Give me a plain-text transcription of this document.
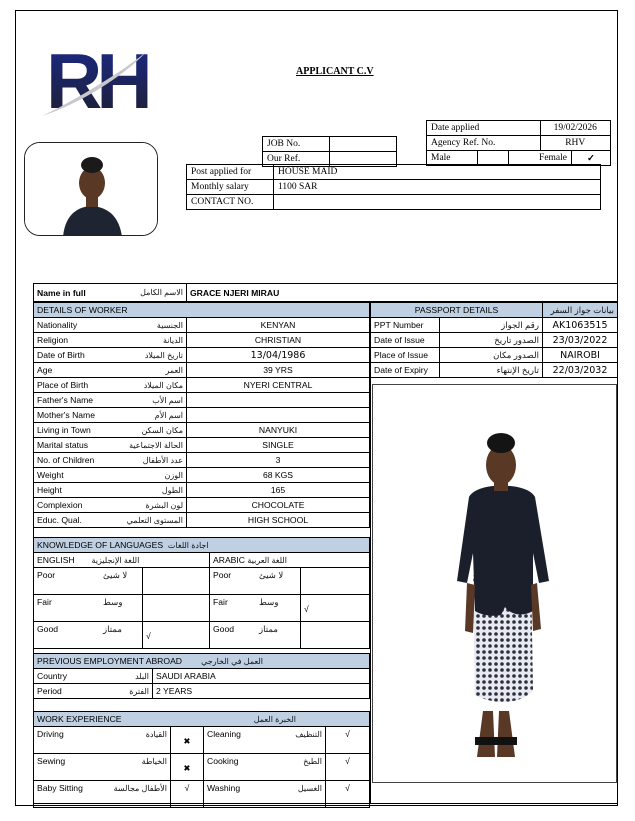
RH	APPLICANT C.V
JOB No.	
Our Ref.	
Date applied			19/02/2026	
Agency Ref. No.			RHV	
Male		Female		✓
Post applied for	HOUSE MAID
Monthly salary	1100 SAR
CONTACT NO.	
Name in full	الاسم الكامل	GRACE NJERI MIRAU
DETAILS OF WORKER	

Nationality الجنسية	KENYAN

Religion الديانة	CHRISTIAN

Date of Birth تاريخ الميلاد	13/04/1986

Age العمر	39 YRS

Place of Birth مكان الميلاد	NYERI CENTRAL

Father's Name اسم الأب	

Mother's Name اسم الأم	

Living in Town مكان السكن	NANYUKI

Marital status الحالة الاجتماعية	SINGLE

No. of Children عدد الأطفال	3

Weight الوزن	68 KGS

Height الطول	165

Complexion لون البشرة	CHOCOLATE

Educ. Qual. المستوى التعلمي	HIGH SCHOOL
PASSPORT DETAILS		بيانات جواز السفر
PPT Number	رقم الجواز	AK1063515
Date of Issue	الصدور تاريخ	23/03/2022
Place of Issue	الصدور مكان	NAIROBI
Date of Expiry	تاريخ الإنتهاء	22/03/2032
KNOWLEDGE OF LANGUAGES اجادة اللغات					
ENGLISH اللغة الإنجليزية			ARABIC اللغة العربية		
Poor	لا شيئ		Poor	لا شيئ	
Fair	وسط		Fair	وسط	√
Good	ممتاز	√	Good	ممتاز	
PREVIOUS EMPLOYMENT ABROAD العمل في الخارجي	

Country البلد	SAUDI ARABIA

Period الفترة	2 YEARS
WORK EXPERIENCE الخبرة العمل			

Driving القيادة	✖	Cleaning التنظيف	√

Sewing الخياطة	✖	Cooking الطبخ	√

Baby Sitting الأطفال مجالسة	√	Washing الغسيل	√
